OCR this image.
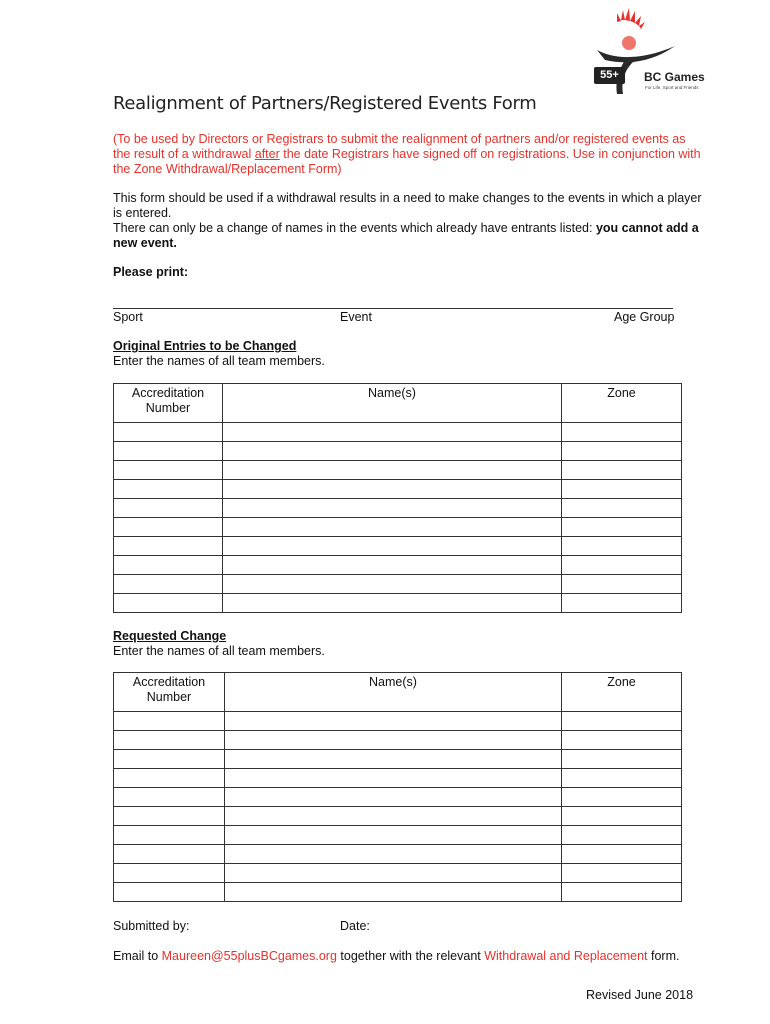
55+	BC Games
For Life, Sport and Friends
Realignment of Partners/Registered Events Form
(To be used by Directors or Registrars to submit the realignment of partners and/or registered events as the result of a withdrawal after the date Registrars have signed off on registrations. Use in conjunction with the Zone Withdrawal/Replacement Form)
This form should be used if a withdrawal results in a need to make changes to the events in which a player is entered.
There can only be a change of names in the events which already have entrants listed: you cannot add a new event.
Please print:
Sport	Event	Age Group
Original Entries to be Changed
Enter the names of all team members.
Accreditation Number	Name(s)	Zone

Requested Change
Enter the names of all team members.
Accreditation Number	Name(s)	Zone

Submitted by:	Date:
Email to Maureen@55plusBCgames.org together with the relevant Withdrawal and Replacement form.
Revised June 2018
